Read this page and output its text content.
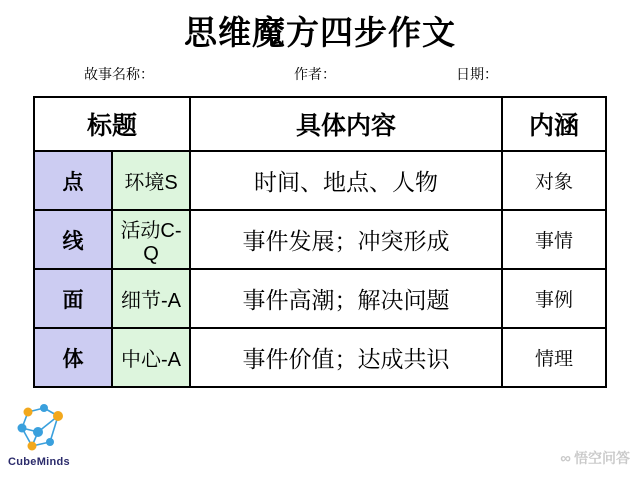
思维魔方四步作文
故事名称：	作者：	日期：
标题		具体内容	内涵
点	环境S	时间、地点、人物	对象
线	活动C-Q	事件发展；冲突形成	事情
面	细节-A	事件高潮；解决问题	事例
体	中心-A	事件价值；达成共识	情理
CubeMinds	∞ 悟空问答
